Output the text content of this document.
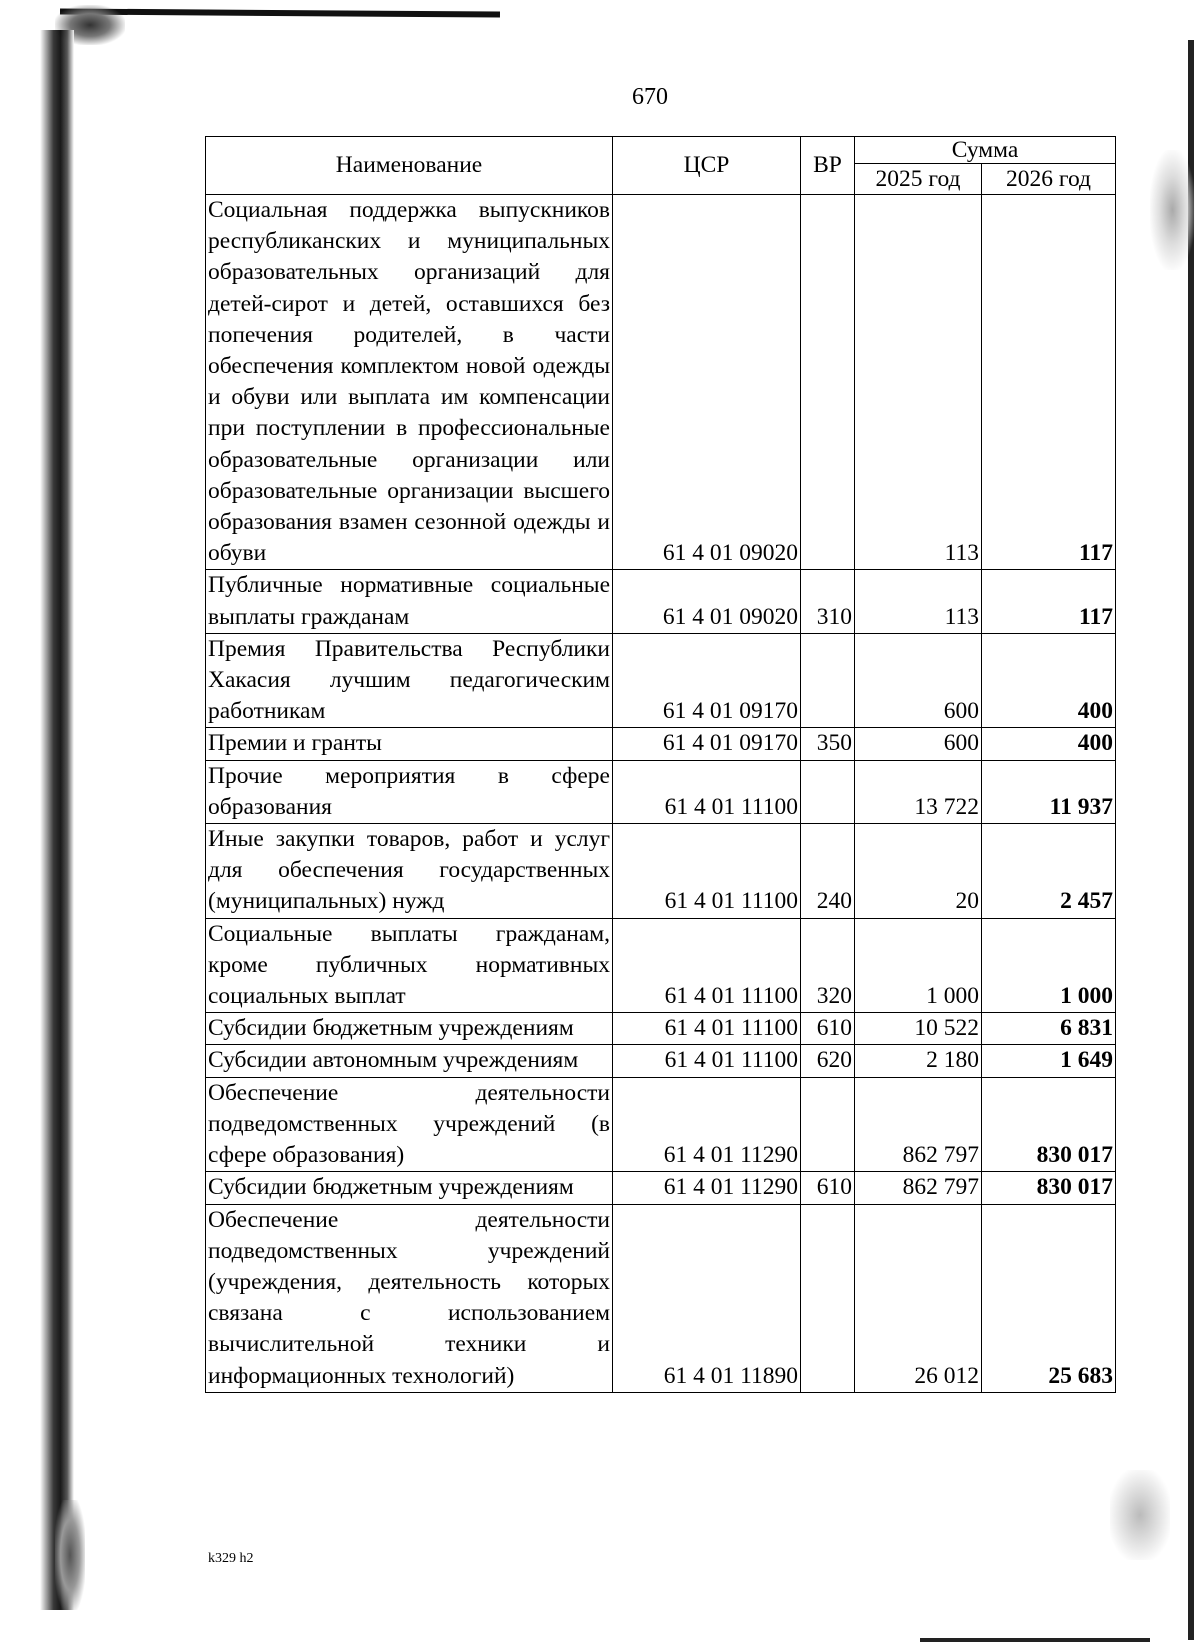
670
Наименование	ЦСР	ВР	Сумма	
			2025 год	2026 год
Социальная поддержка выпускников республиканских и муниципальных образовательных организаций для детей-сирот и детей, оставшихся без попечения родителей, в части обеспечения комплектом новой одежды и обуви или выплата им компенсации при поступлении в профессиональные образовательные организации или образовательные организации высшего образования взамен сезонной одежды и обуви	61 4 01 09020		113	117
Публичные нормативные социальные выплаты гражданам	61 4 01 09020	310	113	117
Премия Правительства Республики Хакасия лучшим педагогическим работникам	61 4 01 09170		600	400
Премии и гранты	61 4 01 09170	350	600	400
Прочие мероприятия в сфере образования	61 4 01 11100		13 722	11 937
Иные закупки товаров, работ и услуг для обеспечения государственных (муниципальных) нужд	61 4 01 11100	240	20	2 457
Социальные выплаты гражданам, кроме публичных нормативных социальных выплат	61 4 01 11100	320	1 000	1 000
Субсидии бюджетным учреждениям	61 4 01 11100	610	10 522	6 831
Субсидии автономным учреждениям	61 4 01 11100	620	2 180	1 649
Обеспечение деятельности подведомственных учреждений (в сфере образования)	61 4 01 11290		862 797	830 017
Субсидии бюджетным учреждениям	61 4 01 11290	610	862 797	830 017
Обеспечение деятельности подведомственных учреждений (учреждения, деятельность которых связана с использованием вычислительной техники и информационных технологий)	61 4 01 11890		26 012	25 683
k329 h2
